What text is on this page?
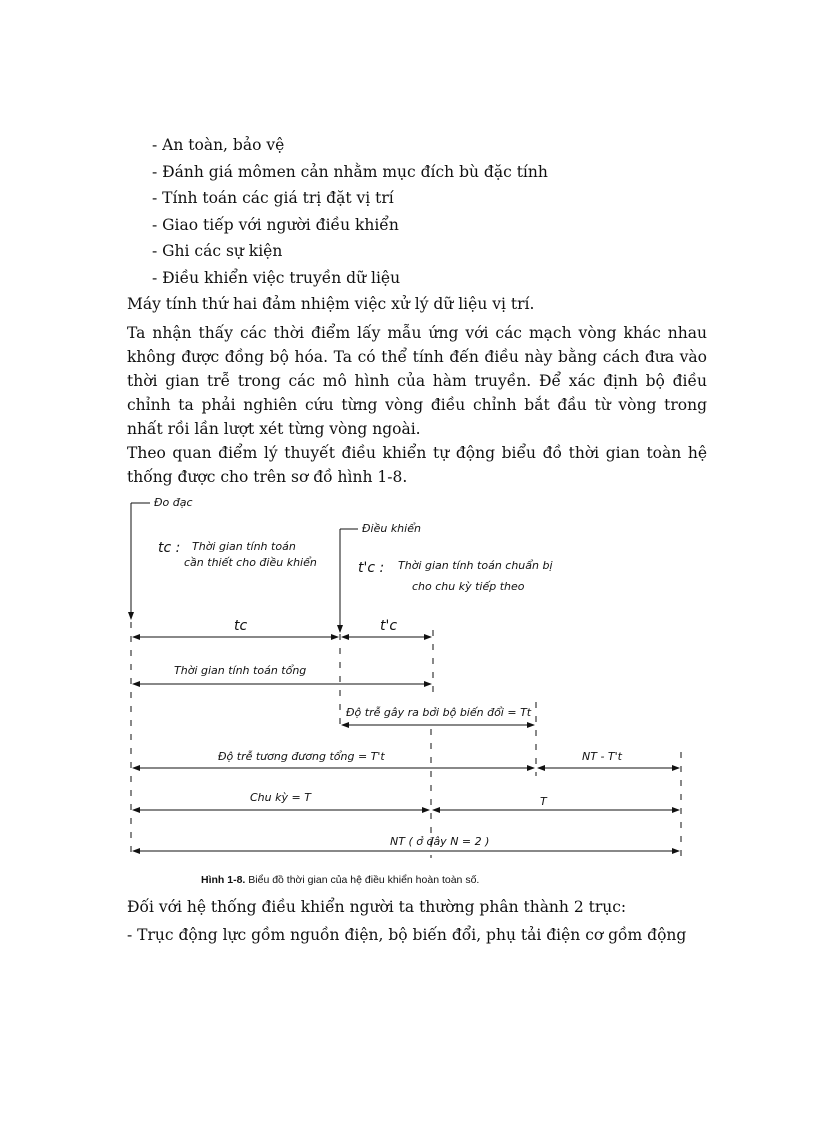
- An toàn, bảo vệ
- Đánh giá mômen cản nhằm mục đích bù đặc tính
- Tính toán các giá trị đặt vị trí
- Giao tiếp với người điều khiển
- Ghi các sự kiện
- Điều khiển việc truyền dữ liệu
Máy tính thứ hai đảm nhiệm việc xử lý dữ liệu vị trí.
Ta nhận thấy các thời điểm lấy mẫu ứng với các mạch vòng khác nhau không được đồng bộ hóa. Ta có thể tính đến điều này bằng cách đưa vào thời gian trễ trong các mô hình của hàm truyền. Để xác định bộ điều chỉnh ta phải nghiên cứu từng vòng điều chỉnh bắt đầu từ vòng trong nhất rồi lần lượt xét từng vòng ngoài.
Theo quan điểm lý thuyết điều khiển tự động biểu đồ thời gian toàn hệ thống được cho trên sơ đồ hình 1-8.
Đo đạc
Điều khiển
tc : Thời gian tính toán
cần thiết cho điều khiển	t'c : Thời gian tính toán chuẩn bị
cho chu kỳ tiếp theo
tc	t'c
Thời gian tính toán tổng
Độ trễ gây ra bởi bộ biến đổi = Tt
Độ trễ tương đương tổng = T't	NT - T't
Chu kỳ = T	T
NT ( ở đây N = 2 )
Hình 1-8. Biểu đồ thời gian của hệ điều khiển hoàn toàn số.
Đối với hệ thống điều khiển người ta thường phân thành 2 trục:
- Trục động lực gồm nguồn điện, bộ biến đổi, phụ tải điện cơ gồm động
